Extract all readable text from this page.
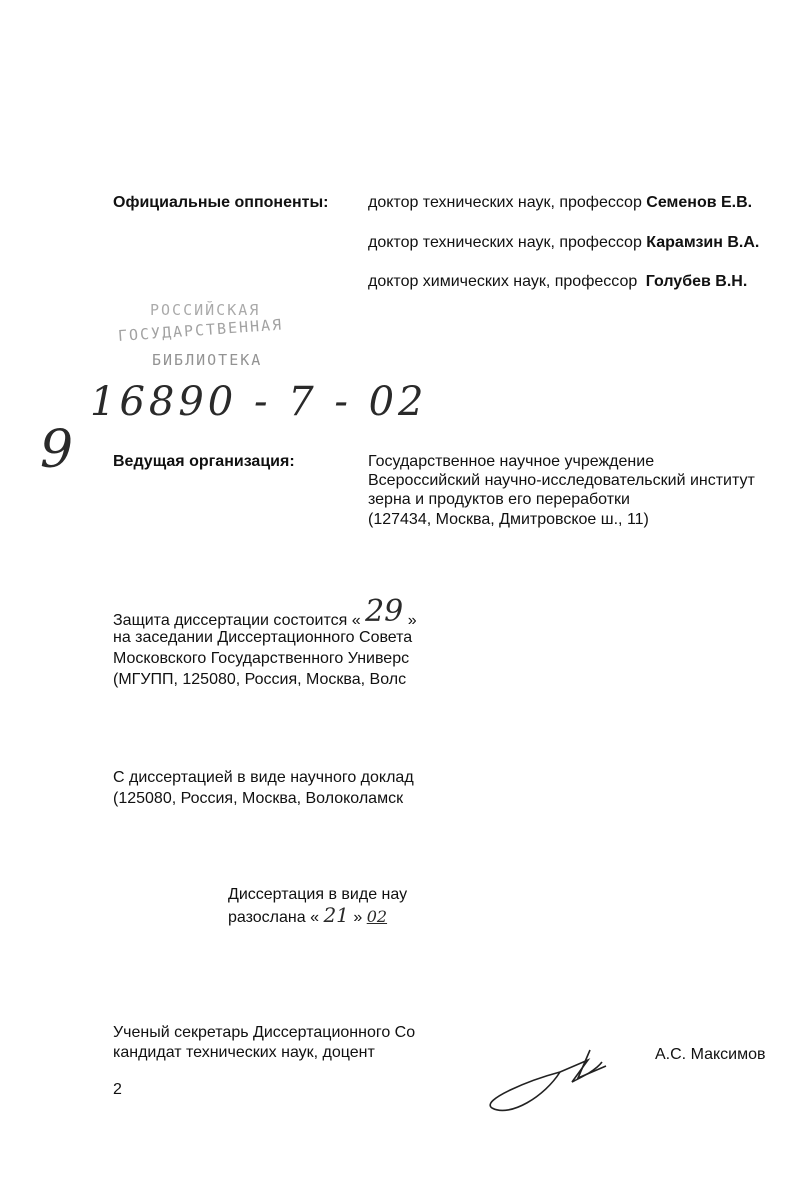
Официальные оппоненты: доктор технических наук, профессор Семенов Е.В.
доктор технических наук, профессор Карамзин В.А.
доктор химических наук, профессор Голубев В.Н.
РОССИЙСКАЯ
ГОСУДАРСТВЕННАЯ
БИБЛИОТЕКА
16890 - 7 - 02
9 Ведущая организация:	Государственное научное учреждение
Всероссийский научно-исследовательский институт
зерна и продуктов его переработки
(127434, Москва, Дмитровское ш., 11)
Защита диссертации состоится « 29 »
на заседании Диссертационного Совета
Московского Государственного Универс
(МГУПП, 125080, Россия, Москва, Волс
С диссертацией в виде научного доклад
(125080, Россия, Москва, Волоколамск
Диссертация в виде нау
разослана « 21 » 02
Ученый секретарь Диссертационного Со
кандидат технических наук, доцент	А.С. Максимов
2
